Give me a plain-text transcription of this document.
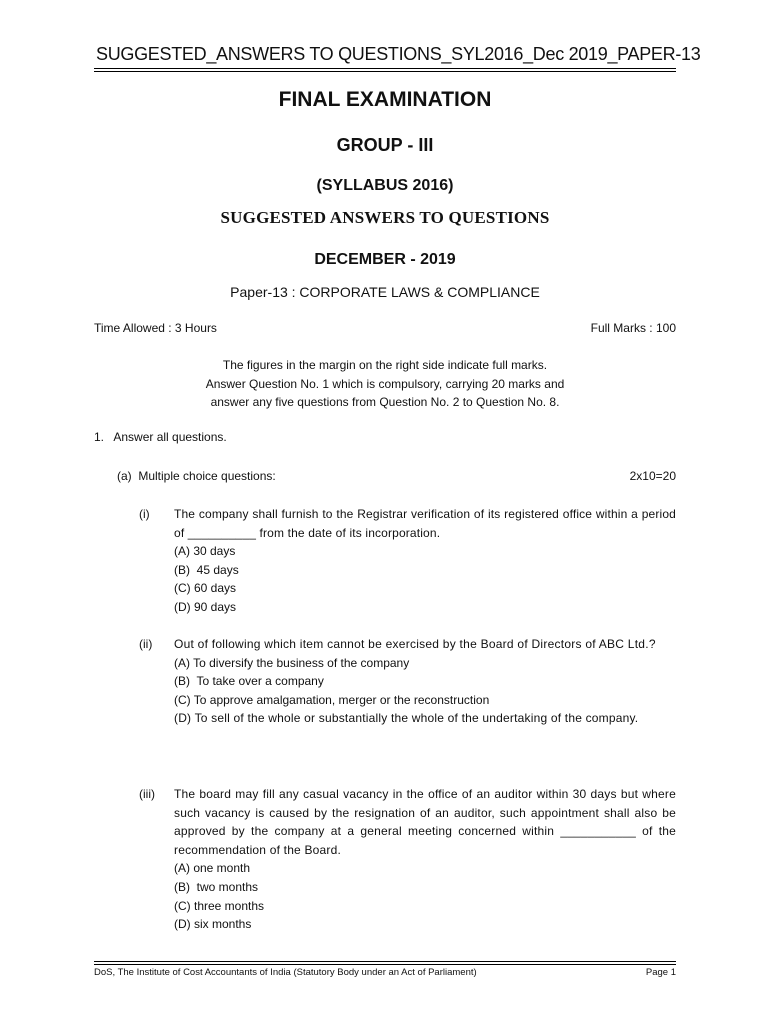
SUGGESTED_ANSWERS TO QUESTIONS_SYL2016_Dec 2019_PAPER-13
FINAL EXAMINATION
GROUP - III
(SYLLABUS 2016)
SUGGESTED ANSWERS TO QUESTIONS
DECEMBER - 2019
Paper-13 : CORPORATE LAWS & COMPLIANCE
Time Allowed : 3 Hours	Full Marks : 100
The figures in the margin on the right side indicate full marks.
Answer Question No. 1 which is compulsory, carrying 20 marks and
answer any five questions from Question No. 2 to Question No. 8.
1.   Answer all questions.
(a)  Multiple choice questions:	2x10=20
(i) The company shall furnish to the Registrar verification of its registered office within a period of __________ from the date of its incorporation.
(A) 30 days
(B)  45 days
(C) 60 days
(D) 90 days
(ii) Out of following which item cannot be exercised by the Board of Directors of ABC Ltd.?
(A) To diversify the business of the company
(B)  To take over a company
(C) To approve amalgamation, merger or the reconstruction
(D) To sell of the whole or substantially the whole of the undertaking of the company.
(iii) The board may fill any casual vacancy in the office of an auditor within 30 days but where such vacancy is caused by the resignation of an auditor, such appointment shall also be approved by the company at a general meeting concerned within ___________ of the recommendation of the Board.
(A) one month
(B)  two months
(C) three months
(D) six months
DoS, The Institute of Cost Accountants of India (Statutory Body under an Act of Parliament)	Page 1
